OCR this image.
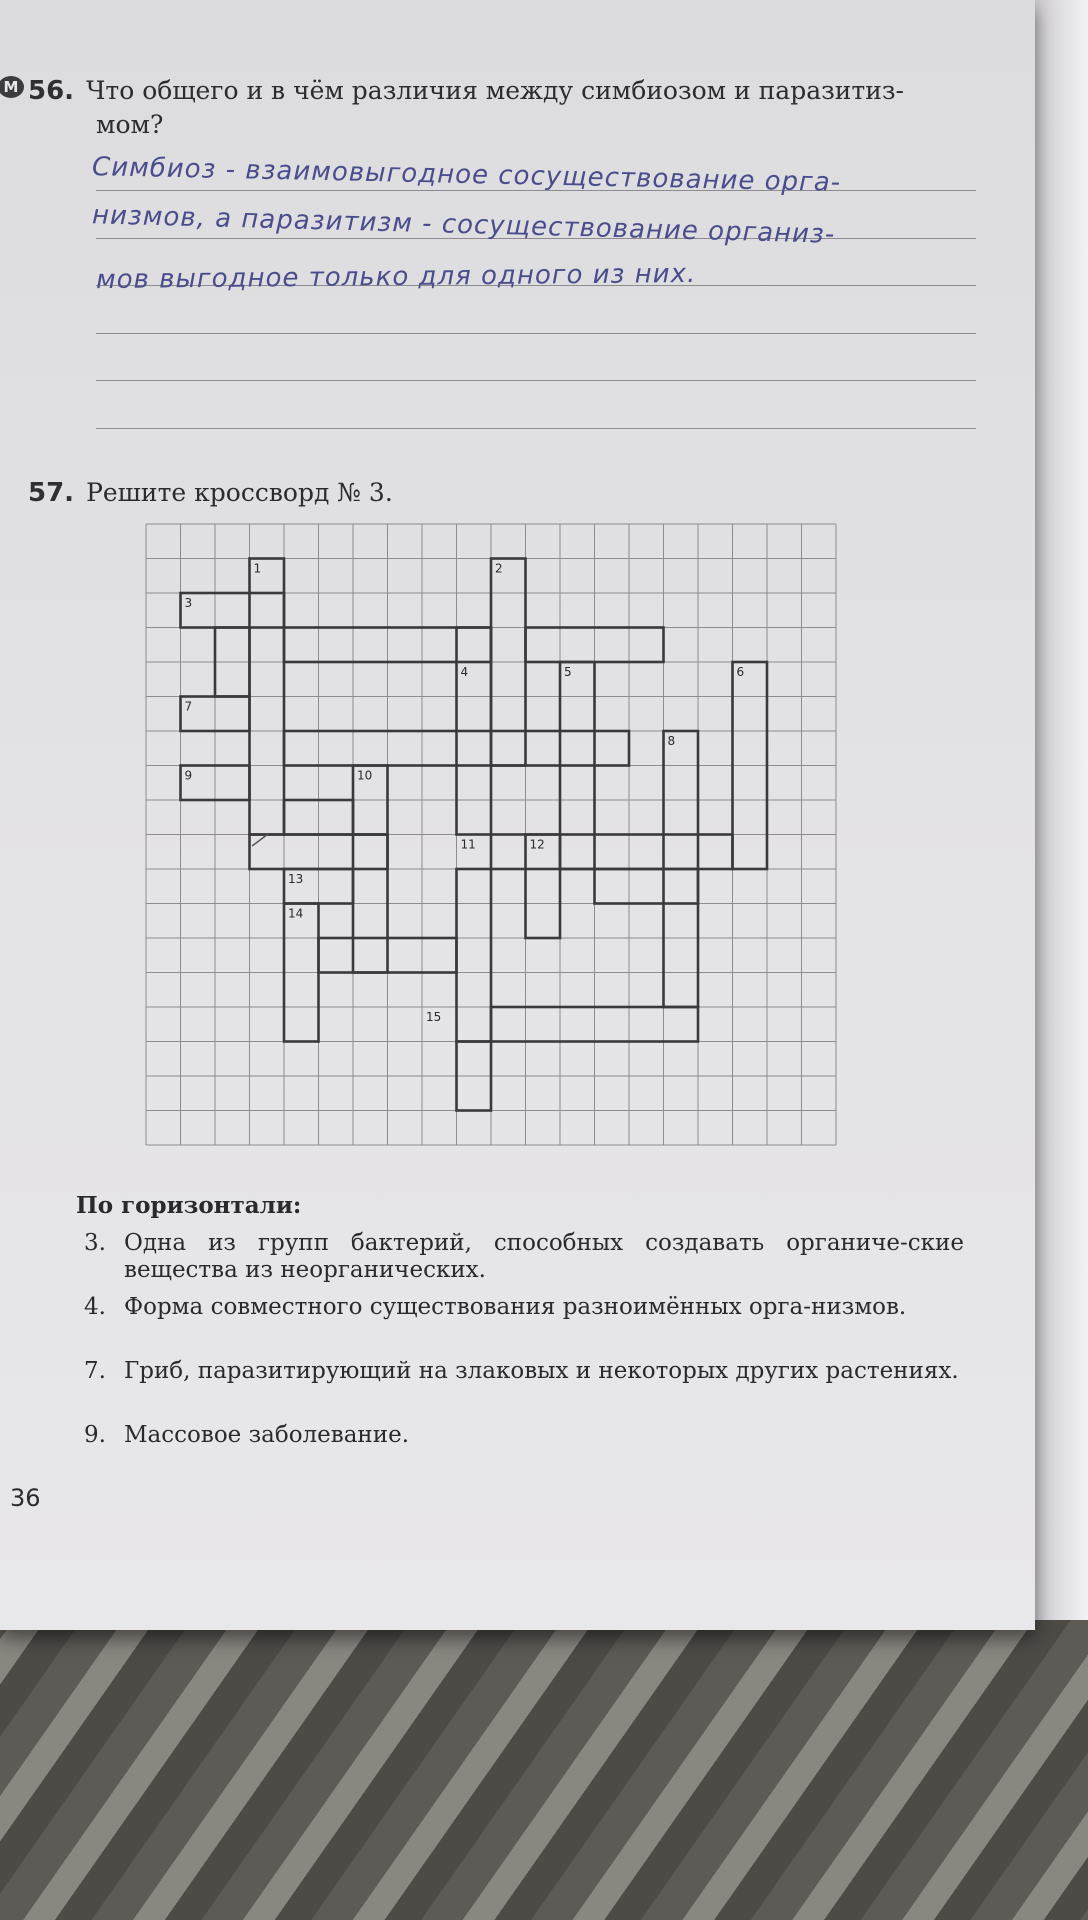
M 56. Что общего и в чём различия между симбиозом и паразитиз-
мом?
Симбиоз - взаимовыгодное сосуществование орга-
низмов, а паразитизм - сосуществование организ-
мов выгодное только для одного из них.
57. Решите кроссворд № 3.
1	2
3
4	5	6
7
8
9	10
11	12
13
14
15
По горизонтали:
3. Одна из групп бактерий, способных создавать органиче-ские вещества из неорганических.
4. Форма совместного существования разноимённых орга-низмов.
7. Гриб, паразитирующий на злаковых и некоторых других растениях.
9. Массовое заболевание.
36
